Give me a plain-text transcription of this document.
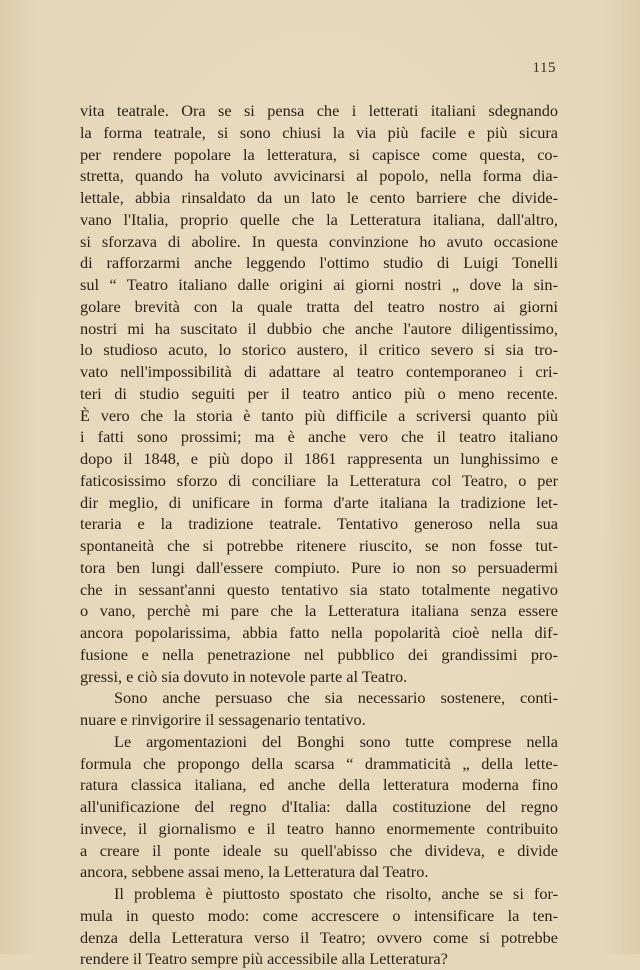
115
vita teatrale. Ora se si pensa che i letterati italiani sdegnando
la forma teatrale, si sono chiusi la via più facile e più sicura
per rendere popolare la letteratura, si capisce come questa, co-
stretta, quando ha voluto avvicinarsi al popolo, nella forma dia-
lettale, abbia rinsaldato da un lato le cento barriere che divide-
vano l'Italia, proprio quelle che la Letteratura italiana, dall'altro,
si sforzava di abolire. In questa convinzione ho avuto occasione
di rafforzarmi anche leggendo l'ottimo studio di Luigi Tonelli
sul “ Teatro italiano dalle origini ai giorni nostri „ dove la sin-
golare brevità con la quale tratta del teatro nostro ai giorni
nostri mi ha suscitato il dubbio che anche l'autore diligentissimo,
lo studioso acuto, lo storico austero, il critico severo si sia tro-
vato nell'impossibilità di adattare al teatro contemporaneo i cri-
teri di studio seguiti per il teatro antico più o meno recente.
È vero che la storia è tanto più difficile a scriversi quanto più
i fatti sono prossimi; ma è anche vero che il teatro italiano
dopo il 1848, e più dopo il 1861 rappresenta un lunghissimo e
faticosissimo sforzo di conciliare la Letteratura col Teatro, o per
dir meglio, di unificare in forma d'arte italiana la tradizione let-
teraria e la tradizione teatrale. Tentativo generoso nella sua
spontaneità che si potrebbe ritenere riuscito, se non fosse tut-
tora ben lungi dall'essere compiuto. Pure io non so persuadermi
che in sessant'anni questo tentativo sia stato totalmente negativo
o vano, perchè mi pare che la Letteratura italiana senza essere
ancora popolarissima, abbia fatto nella popolarità cioè nella dif-
fusione e nella penetrazione nel pubblico dei grandissimi pro-
gressi, e ciò sia dovuto in notevole parte al Teatro.
Sono anche persuaso che sia necessario sostenere, conti-
nuare e rinvigorire il sessagenario tentativo.
Le argomentazioni del Bonghi sono tutte comprese nella
formula che propongo della scarsa “ drammaticità „ della lette-
ratura classica italiana, ed anche della letteratura moderna fino
all'unificazione del regno d'Italia: dalla costituzione del regno
invece, il giornalismo e il teatro hanno enormemente contribuito
a creare il ponte ideale su quell'abisso che divideva, e divide
ancora, sebbene assai meno, la Letteratura dal Teatro.
Il problema è piuttosto spostato che risolto, anche se si for-
mula in questo modo: come accrescere o intensificare la ten-
denza della Letteratura verso il Teatro; ovvero come si potrebbe
rendere il Teatro sempre più accessibile alla Letteratura?
